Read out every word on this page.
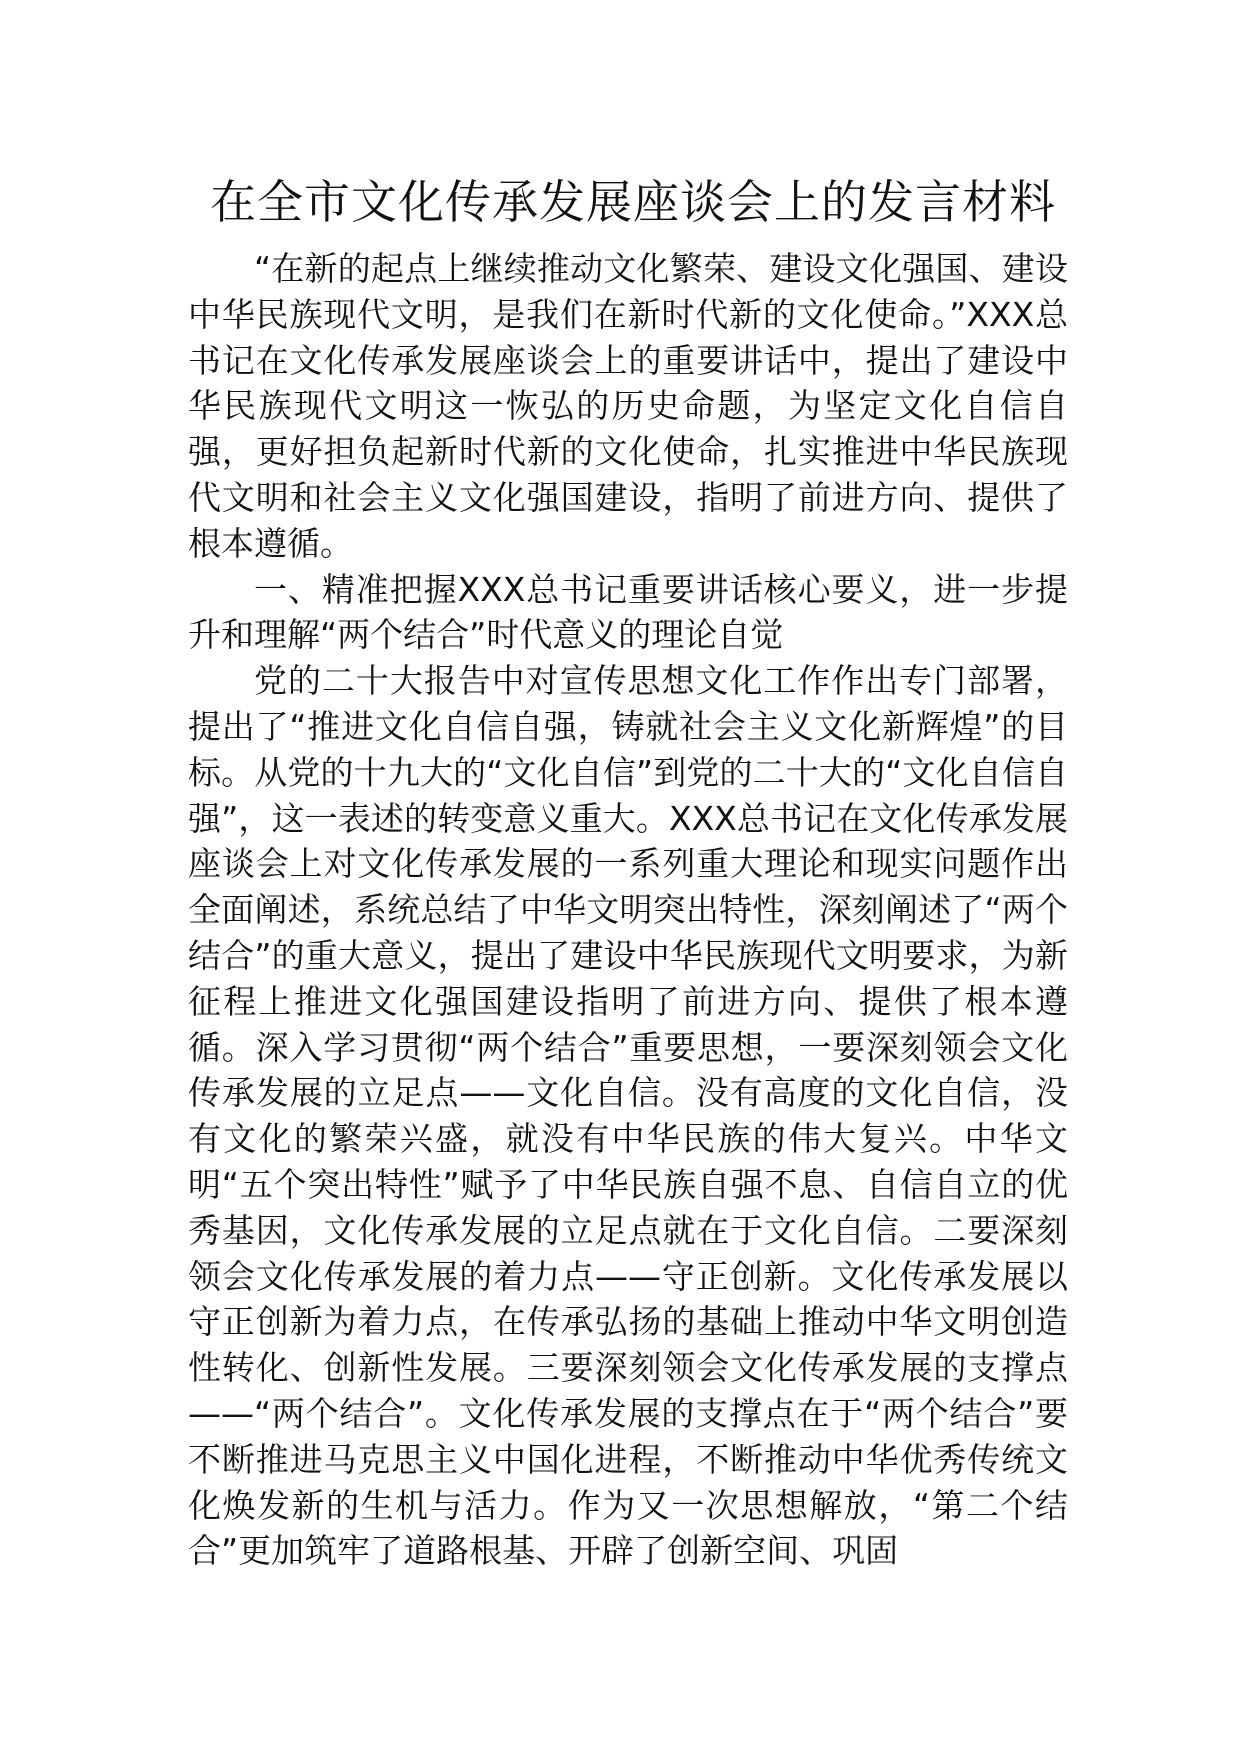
在全市文化传承发展座谈会上的发言材料

“在新的起点上继续推动文化繁荣、建设文化强国、建设中华民族现代文明，是我们在新时代新的文化使命。”XXX总书记在文化传承发展座谈会上的重要讲话中，提出了建设中华民族现代文明这一恢弘的历史命题，为坚定文化自信自强，更好担负起新时代新的文化使命，扎实推进中华民族现代文明和社会主义文化强国建设，指明了前进方向、提供了根本遵循。

一、精准把握XXX总书记重要讲话核心要义，进一步提升和理解“两个结合”时代意义的理论自觉

党的二十大报告中对宣传思想文化工作作出专门部署，提出了“推进文化自信自强，铸就社会主义文化新辉煌”的目标。从党的十九大的“文化自信”到党的二十大的“文化自信自强”，这一表述的转变意义重大。XXX总书记在文化传承发展座谈会上对文化传承发展的一系列重大理论和现实问题作出全面阐述，系统总结了中华文明突出特性，深刻阐述了“两个结合”的重大意义，提出了建设中华民族现代文明要求，为新征程上推进文化强国建设指明了前进方向、提供了根本遵循。深入学习贯彻“两个结合”重要思想，一要深刻领会文化传承发展的立足点——文化自信。没有高度的文化自信，没有文化的繁荣兴盛，就没有中华民族的伟大复兴。中华文明“五个突出特性”赋予了中华民族自强不息、自信自立的优秀基因，文化传承发展的立足点就在于文化自信。二要深刻领会文化传承发展的着力点——守正创新。文化传承发展以守正创新为着力点，在传承弘扬的基础上推动中华文明创造性转化、创新性发展。三要深刻领会文化传承发展的支撑点——“两个结合”。文化传承发展的支撑点在于“两个结合”要不断推进马克思主义中国化进程，不断推动中华优秀传统文化焕发新的生机与活力。作为又一次思想解放，“第二个结合”更加筑牢了道路根基、开辟了创新空间、巩固
